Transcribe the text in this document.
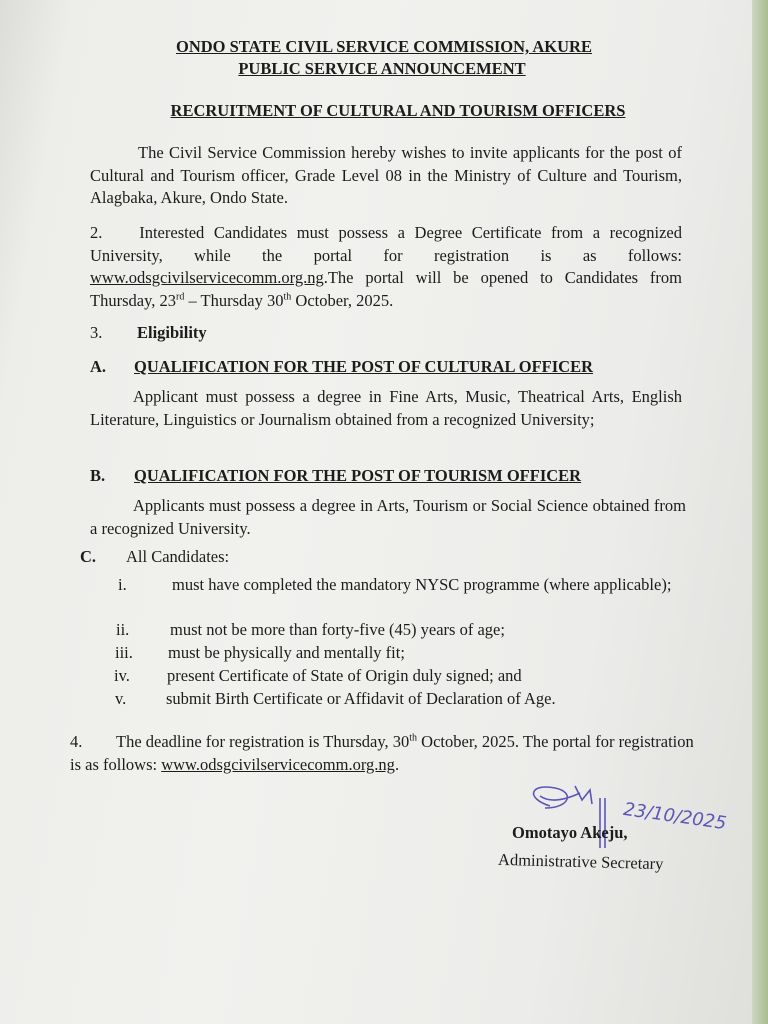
ONDO STATE CIVIL SERVICE COMMISSION, AKURE
PUBLIC SERVICE ANNOUNCEMENT
RECRUITMENT OF CULTURAL AND TOURISM OFFICERS
The Civil Service Commission hereby wishes to invite applicants for the post of Cultural and Tourism officer, Grade Level 08 in the Ministry of Culture and Tourism, Alagbaka, Akure, Ondo State.
2. Interested Candidates must possess a Degree Certificate from a recognized University, while the portal for registration is as follows: www.odsgcivilservicecomm.org.ng.The portal will be opened to Candidates from Thursday, 23rd – Thursday 30th October, 2025.
3. Eligibility
A. QUALIFICATION FOR THE POST OF CULTURAL OFFICER
Applicant must possess a degree in Fine Arts, Music, Theatrical Arts, English Literature, Linguistics or Journalism obtained from a recognized University;
B. QUALIFICATION FOR THE POST OF TOURISM OFFICER
Applicants must possess a degree in Arts, Tourism or Social Science obtained from a recognized University.
C. All Candidates:
i.	must have completed the mandatory NYSC programme (where applicable);
ii.	must not be more than forty-five (45) years of age;
iii.	must be physically and mentally fit;
iv.	present Certificate of State of Origin duly signed; and
v.	submit Birth Certificate or Affidavit of Declaration of Age.
4. The deadline for registration is Thursday, 30th October, 2025. The portal for registration is as follows: www.odsgcivilservicecomm.org.ng.
23/10/2025
Omotayo Akeju,
Administrative Secretary
